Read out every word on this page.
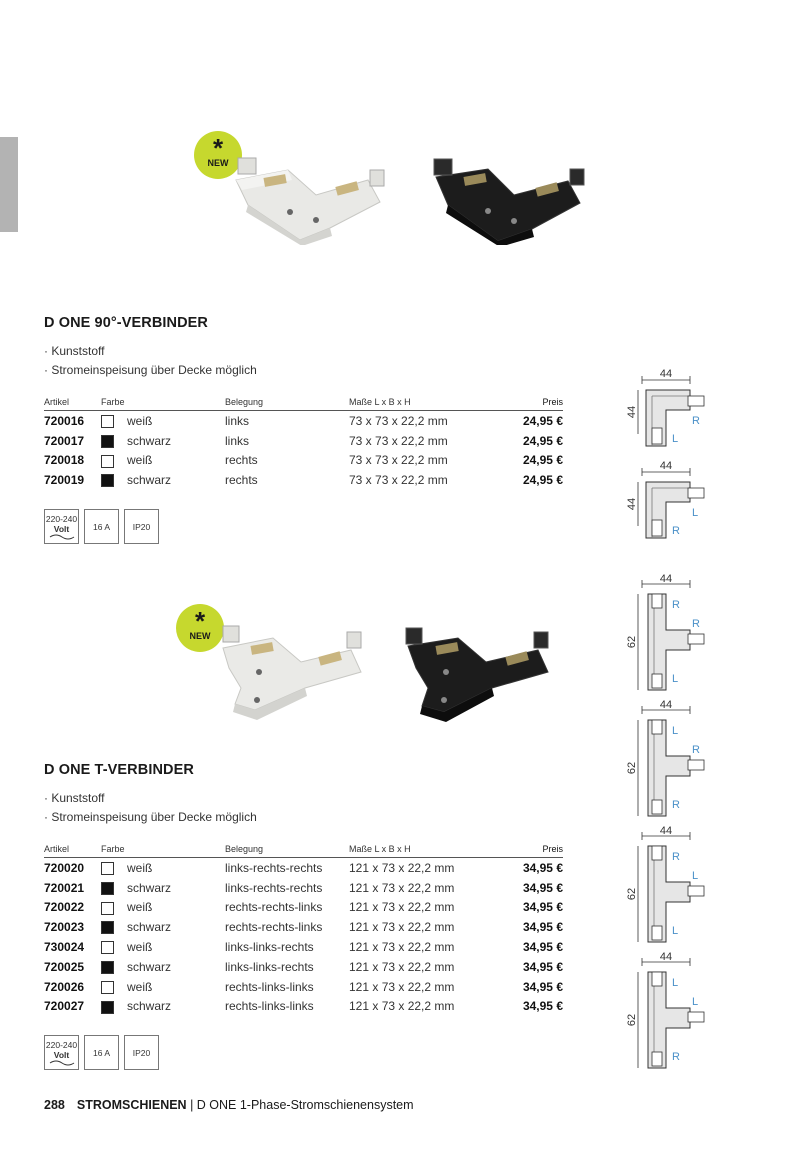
*
NEW
D ONE 90°-VERBINDER
· Kunststoff
· Stromeinspeisung über Decke möglich
Artikel	Farbe		Belegung	Maße L x B x H	Preis
720016		weiß	links	73 x 73 x 22,2 mm	24,95 €
720017		schwarz	links	73 x 73 x 22,2 mm	24,95 €
720018		weiß	rechts	73 x 73 x 22,2 mm	24,95 €
720019		schwarz	rechts	73 x 73 x 22,2 mm	24,95 €
220-240
Volt	16 A	IP20
*
NEW
D ONE T-VERBINDER
· Kunststoff
· Stromeinspeisung über Decke möglich
Artikel	Farbe		Belegung	Maße L x B x H	Preis
720020		weiß	links-rechts-rechts	121 x 73 x 22,2 mm	34,95 €
720021		schwarz	links-rechts-rechts	121 x 73 x 22,2 mm	34,95 €
720022		weiß	rechts-rechts-links	121 x 73 x 22,2 mm	34,95 €
720023		schwarz	rechts-rechts-links	121 x 73 x 22,2 mm	34,95 €
730024		weiß	links-links-rechts	121 x 73 x 22,2 mm	34,95 €
720025		schwarz	links-links-rechts	121 x 73 x 22,2 mm	34,95 €
720026		weiß	rechts-links-links	121 x 73 x 22,2 mm	34,95 €
720027		schwarz	rechts-links-links	121 x 73 x 22,2 mm	34,95 €
220-240
Volt	16 A	IP20
44
44
R
L
44
44
L
R
44
62
R
R
L
44
62
L
R
R
44
62
R
L
L
44
62
L
L
R
288 STROMSCHIENEN | D ONE 1-Phase-Stromschienensystem
